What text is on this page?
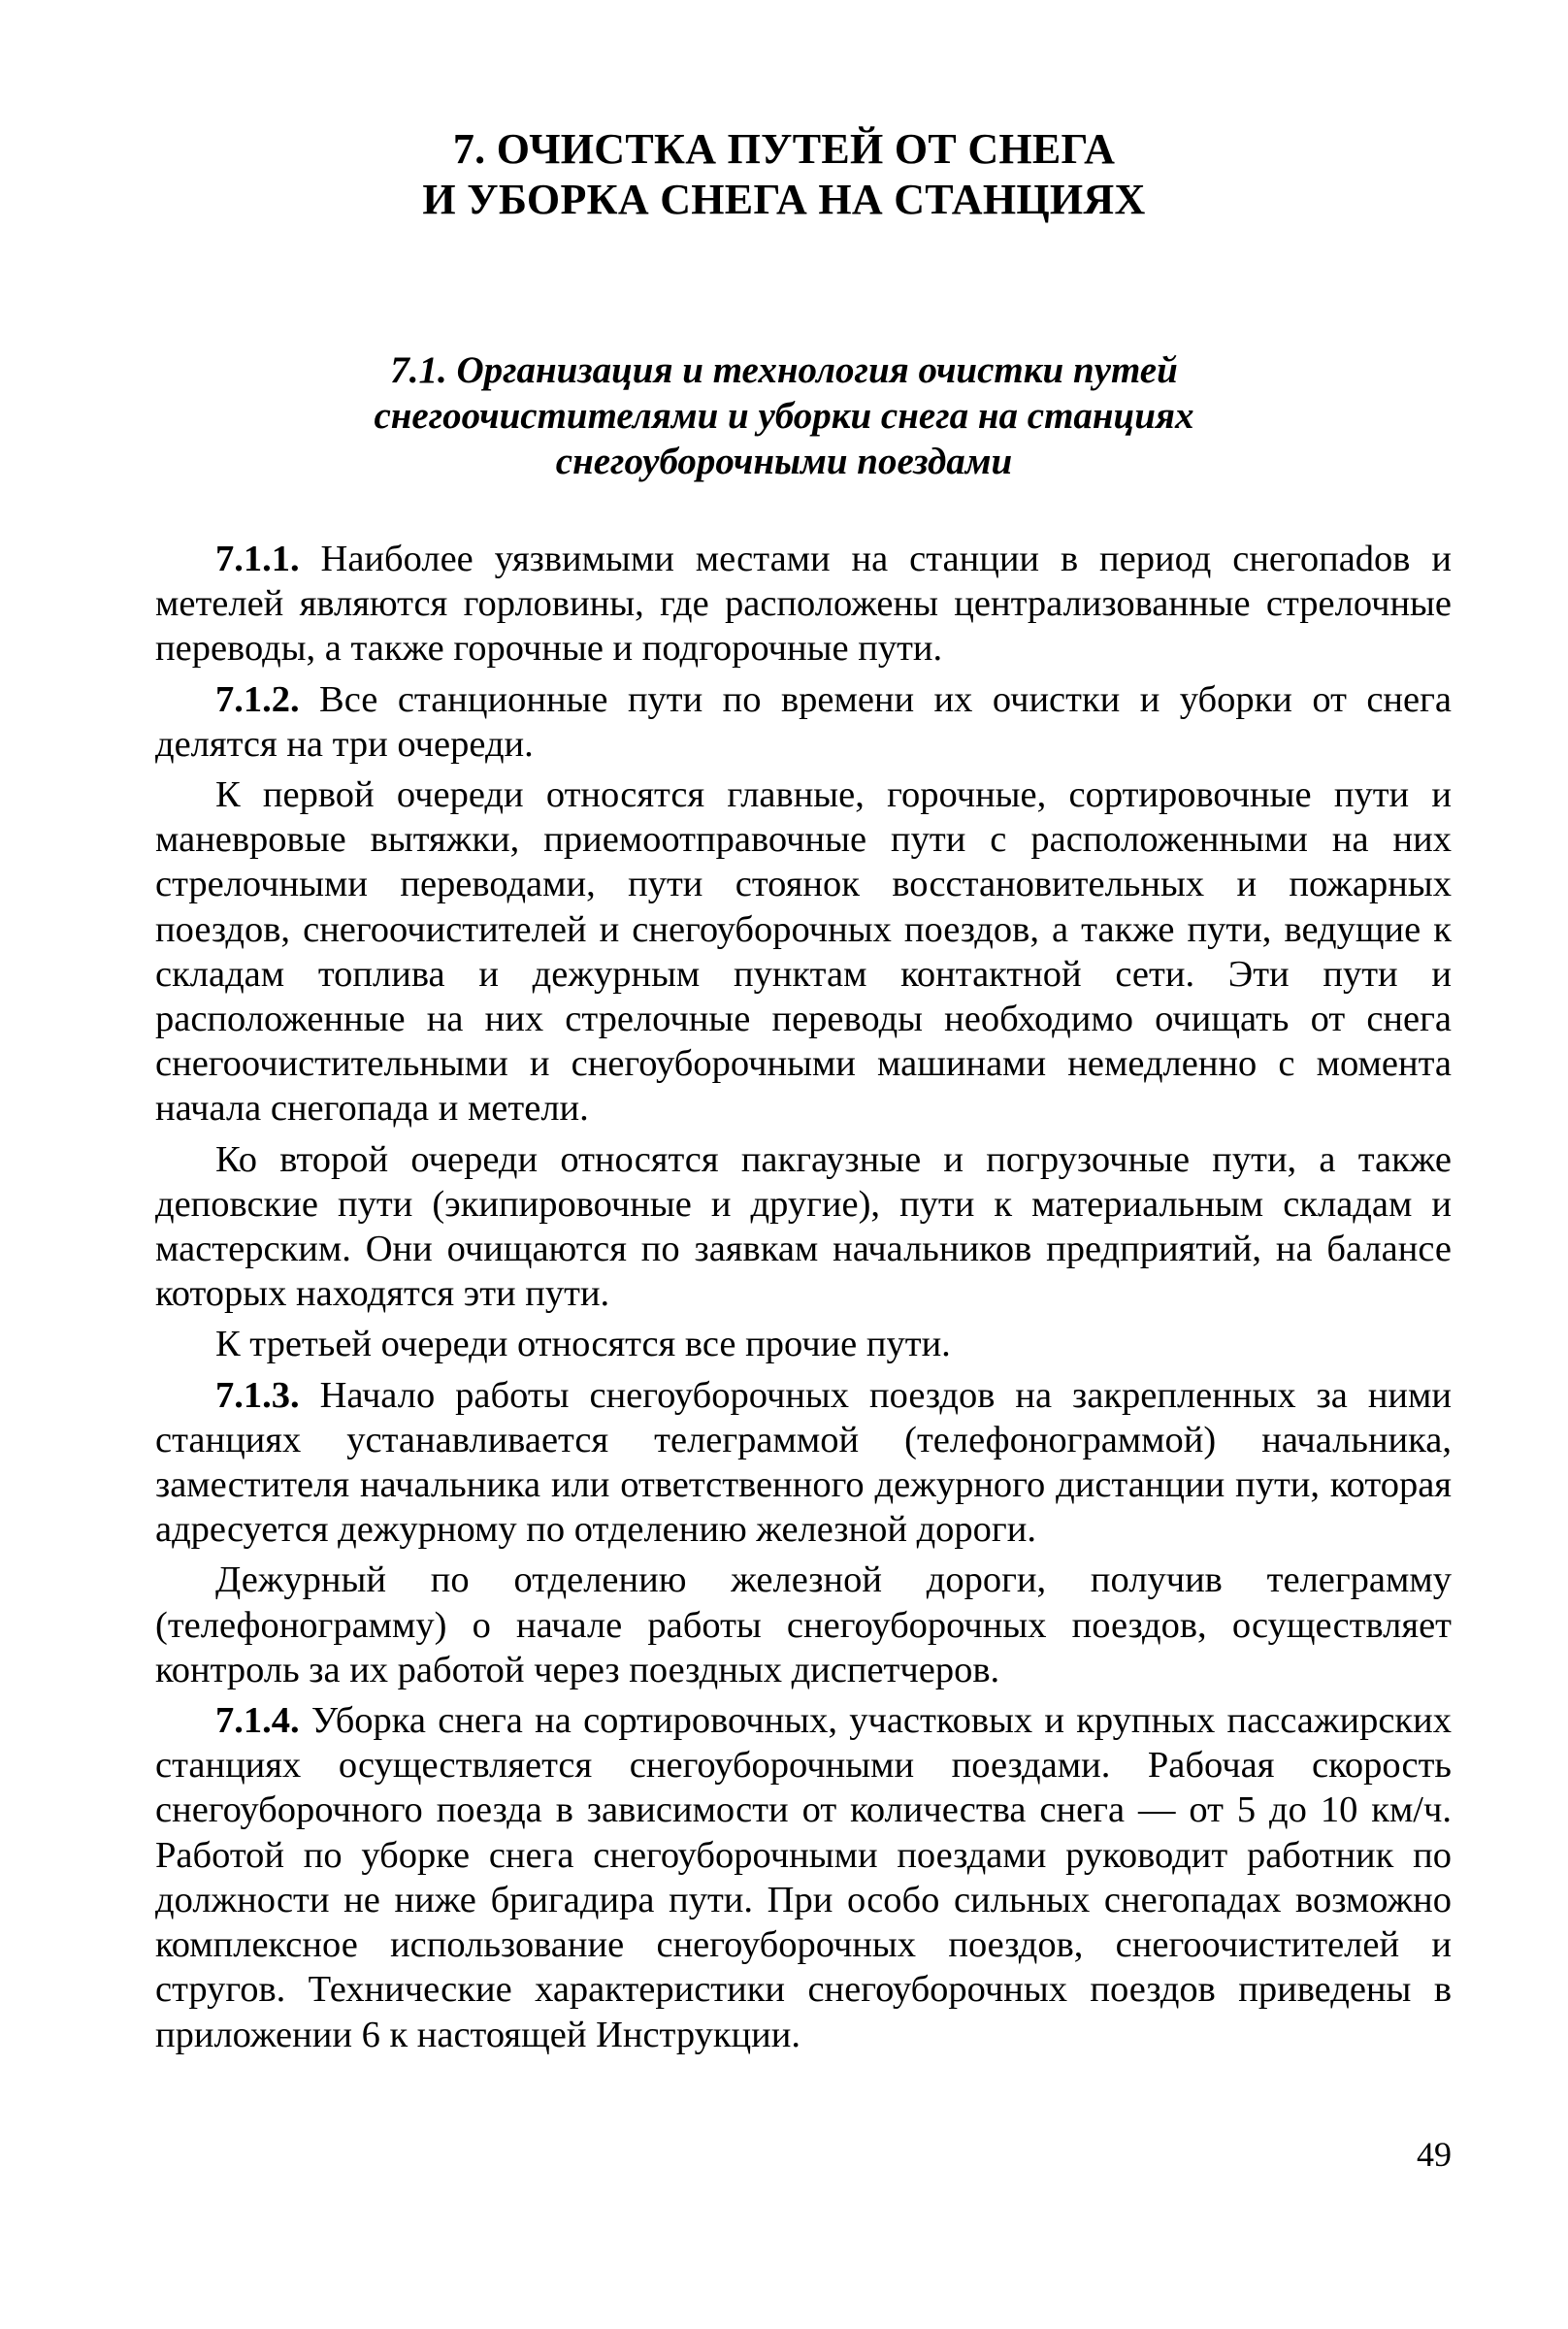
7. ОЧИСТКА ПУТЕЙ ОТ СНЕГА
И УБОРКА СНЕГА НА СТАНЦИЯХ
7.1. Организация и технология очистки путей
снегоочистителями и уборки снега на станциях
снегоуборочными поездами

7.1.1. Наиболее уязвимыми местами на станции в период снегопаdов и метелей являются горловины, где расположены централизованные стрелочные переводы, а также горочные и подгорочные пути.

7.1.2. Все станционные пути по времени их очистки и уборки от снега делятся на три очереди.

К первой очереди относятся главные, горочные, сортировочные пути и маневровые вытяжки, приемоотправочные пути с расположенными на них стрелочными переводами, пути стоянок восстановительных и пожарных поездов, снегоочистителей и снегоуборочных поездов, а также пути, ведущие к складам топлива и дежурным пунктам контактной сети. Эти пути и расположенные на них стрелочные переводы необходимо очищать от снега снегоочистительными и снегоуборочными машинами немедленно с момента начала снегопада и метели.

Ко второй очереди относятся пакгаузные и погрузочные пути, а также деповские пути (экипировочные и другие), пути к материальным складам и мастерским. Они очищаются по заявкам начальников предприятий, на балансе которых находятся эти пути.

К третьей очереди относятся все прочие пути.

7.1.3. Начало работы снегоуборочных поездов на закрепленных за ними станциях устанавливается телеграммой (телефонограммой) начальника, заместителя начальника или ответственного дежурного дистанции пути, которая адресуется дежурному по отделению железной дороги.

Дежурный по отделению железной дороги, получив телеграмму (телефонограмму) о начале работы снегоуборочных поездов, осуществляет контроль за их работой через поездных диспетчеров.

7.1.4. Уборка снега на сортировочных, участковых и крупных пассажирских станциях осуществляется снегоуборочными поездами. Рабочая скорость снегоуборочного поезда в зависимости от количества снега — от 5 до 10 км/ч. Работой по уборке снега снегоуборочными поездами руководит работник по должности не ниже бригадира пути. При особо сильных снегопадах возможно комплексное использование снегоуборочных поездов, снегоочистителей и стругов. Технические характеристики снегоуборочных поездов приведены в приложении 6 к настоящей Инструкции.

49
